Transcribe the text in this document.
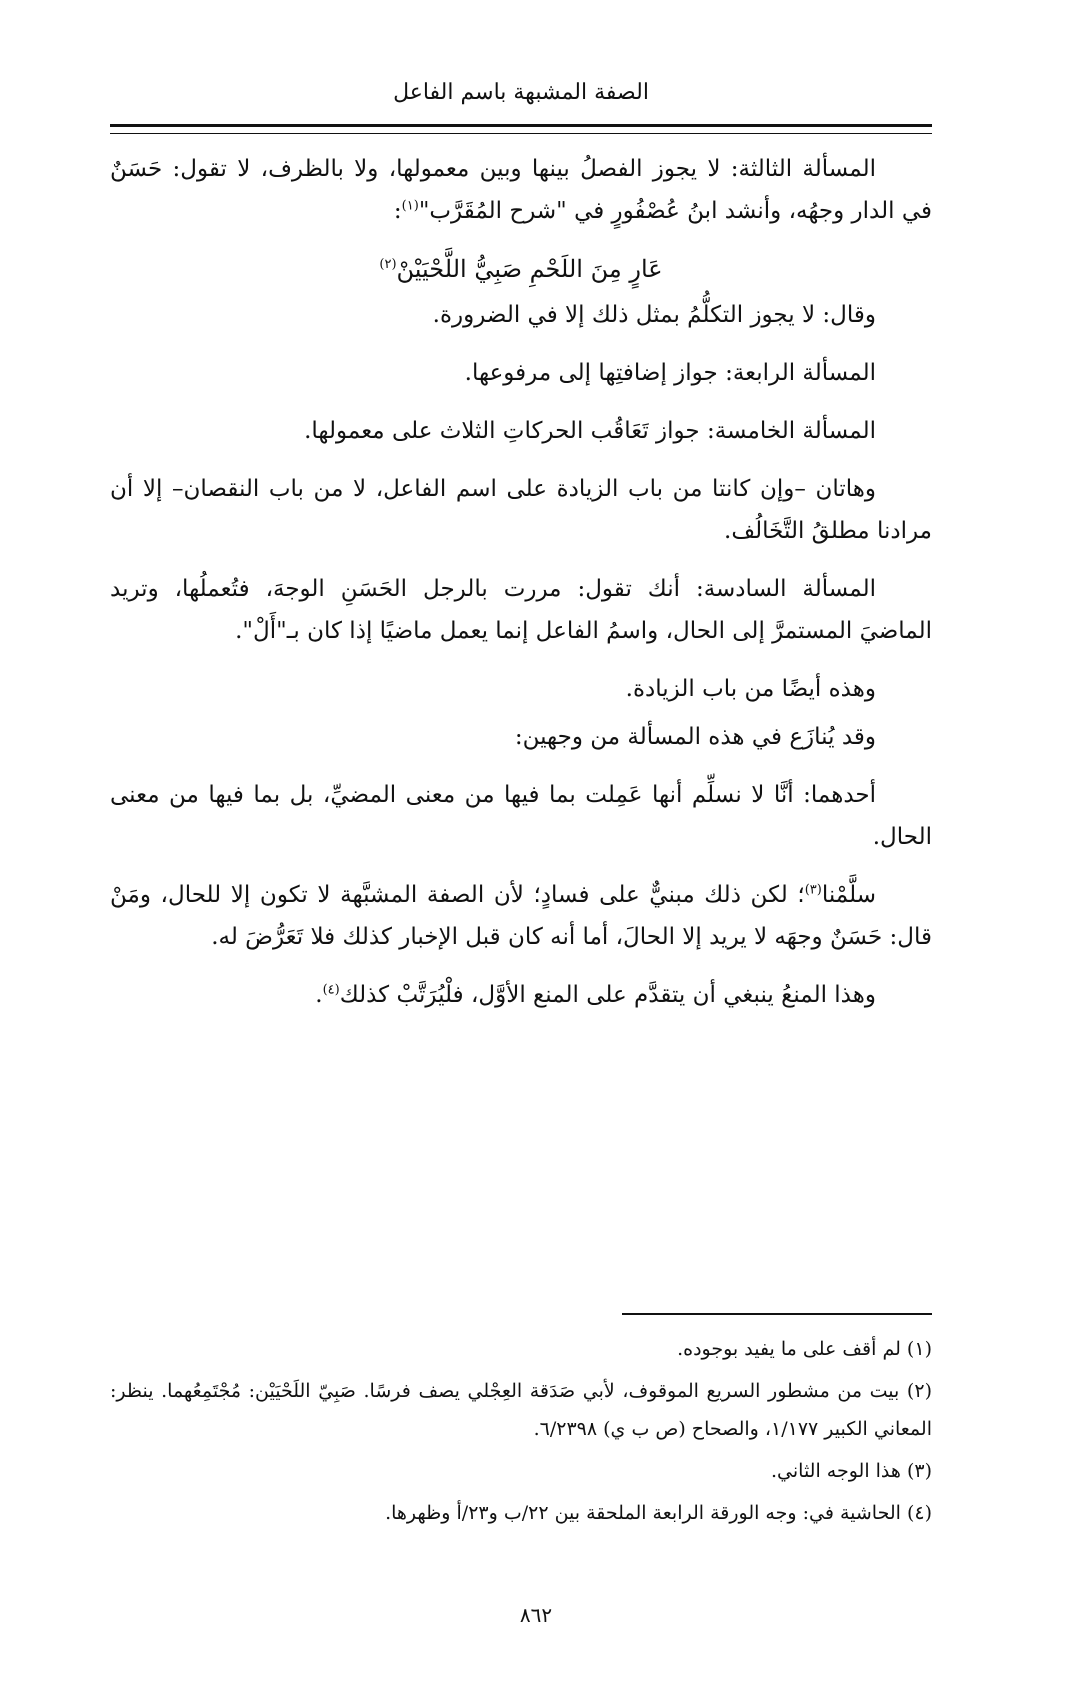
الصفة المشبهة باسم الفاعل

المسألة الثالثة: لا يجوز الفصلُ بينها وبين معمولها، ولا بالظرف، لا تقول: حَسَنٌ في الدار وجهُه، وأنشد ابنُ عُصْفُورٍ في "شرح المُقَرَّب"$^{(١)}$:

عَارٍ مِنَ اللَحْمِ صَبِيُّ اللَّحْيَيْنْ$^{(٢)}$

وقال: لا يجوز التكلُّمُ بمثل ذلك إلا في الضرورة.

المسألة الرابعة: جواز إضافتِها إلى مرفوعها.

المسألة الخامسة: جواز تَعَاقُب الحركاتِ الثلاث على معمولها.

وهاتان –وإن كانتا من باب الزيادة على اسم الفاعل، لا من باب النقصان– إلا أن مرادنا مطلقُ التَّخَالُف.

المسألة السادسة: أنك تقول: مررت بالرجل الحَسَنِ الوجهَ، فتُعملُها، وتريد الماضيَ المستمرَّ إلى الحال، واسمُ الفاعل إنما يعمل ماضيًا إذا كان بـ"أَلْ".

وهذه أيضًا من باب الزيادة.

وقد يُنازَع في هذه المسألة من وجهين:

أحدهما: أنَّا لا نسلِّم أنها عَمِلت بما فيها من معنى المضيِّ، بل بما فيها من معنى الحال.

سلَّمْنا$^{(٣)}$؛ لكن ذلك مبنيٌّ على فسادٍ؛ لأن الصفة المشبَّهة لا تكون إلا للحال، ومَنْ قال: حَسَنٌ وجهَه لا يريد إلا الحالَ، أما أنه كان قبل الإخبار كذلك فلا تَعَرُّضَ له.

وهذا المنعُ ينبغي أن يتقدَّم على المنع الأوَّل، فلْيُرَتَّبْ كذلك$^{(٤)}$.

(١) لم أقف على ما يفيد بوجوده.

(٢) بيت من مشطور السريع الموقوف، لأبي صَدَقة العِجْلي يصف فرسًا. صَبِيّ اللَحْيَيْن: مُجْتَمِعُهما. ينظر: المعاني الكبير ١/١٧٧، والصحاح (ص ب ي) ٦/٢٣٩٨.

(٣) هذا الوجه الثاني.

(٤) الحاشية في: وجه الورقة الرابعة الملحقة بين ٢٢/ب و٢٣/أ وظهرها.

٨٦٢
